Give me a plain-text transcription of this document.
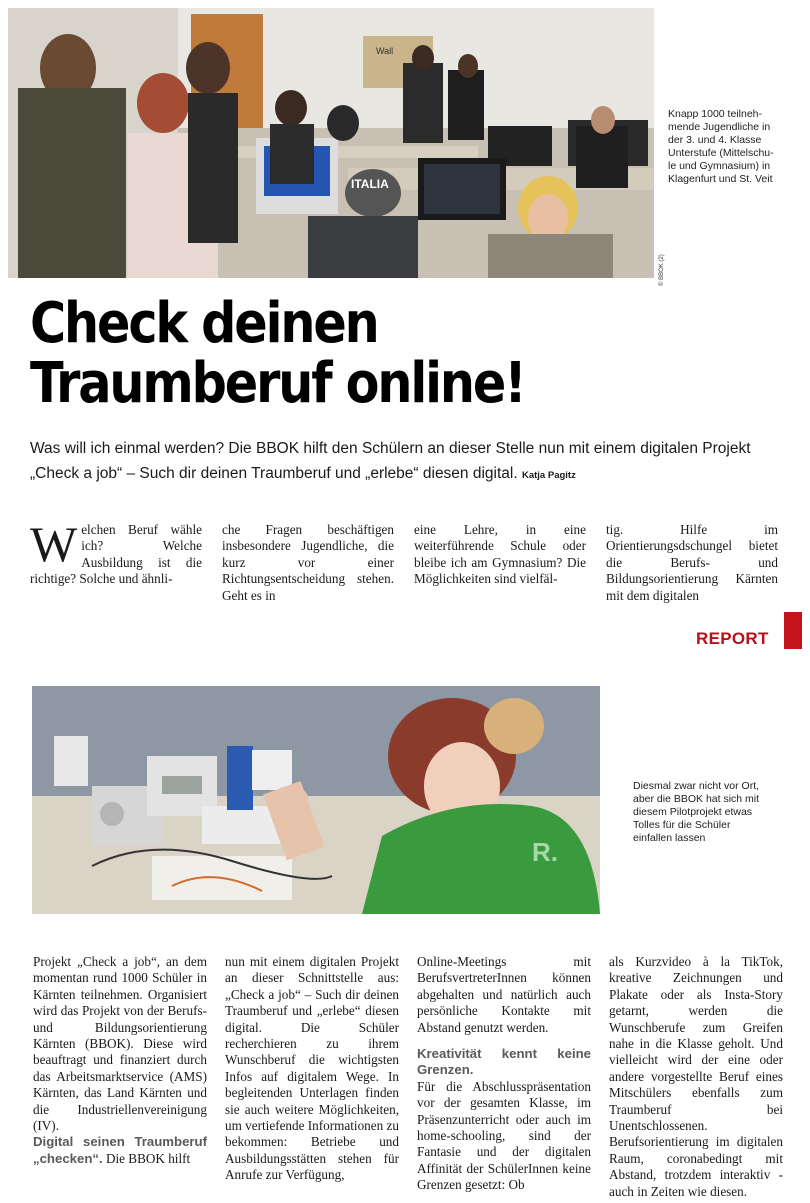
Wall
ITALIA
© BBOK (2)
Knapp 1000 teilneh-
mende Jugendliche in
der 3. und 4. Klasse
Unterstufe (Mittelschu-
le und Gymnasium) in
Klagenfurt und St. Veit
Check deinen
Traumberuf online!

Was will ich einmal werden? Die BBOK hilft den Schülern an dieser Stelle nun mit einem digitalen Projekt „Check a job“ – Such dir deinen Traumberuf und „erlebe“ diesen digital. Katja Pagitz

Welchen Beruf wähle ich? Welche Ausbildung ist die richtige? Solche und ähnli-
che Fragen beschäftigen insbesondere Jugendliche, die kurz vor einer Richtungsentscheidung stehen. Geht es in
eine Lehre, in eine weiterführende Schule oder bleibe ich am Gymnasium? Die Möglichkeiten sind vielfäl-
tig. Hilfe im Orientierungsdschungel bietet die Berufs- und Bildungsorientierung Kärnten mit dem digitalen
REPORT
R.
Diesmal zwar nicht vor Ort,
aber die BBOK hat sich mit
diesem Pilotprojekt etwas
Tolles für die Schüler
einfallen lassen
Projekt „Check a job“, an dem momentan rund 1000 Schüler in Kärnten teilnehmen. Organisiert wird das Projekt von der Berufs- und Bildungsorientierung Kärnten (BBOK). Diese wird beauftragt und finanziert durch das Arbeitsmarktservice (AMS) Kärnten, das Land Kärnten und die Industriellenvereinigung (IV).
Digital seinen Traumberuf „checken“. Die BBOK hilft
nun mit einem digitalen Projekt an dieser Schnittstelle aus: „Check a job“ – Such dir deinen Traumberuf und „erlebe“ diesen digital. Die Schüler recherchieren zu ihrem Wunschberuf die wichtigsten Infos auf digitalem Wege. In begleitenden Unterlagen finden sie auch weitere Möglichkeiten, um vertiefende Informationen zu bekommen: Betriebe und Ausbildungsstätten stehen für Anrufe zur Verfügung,
Online-Meetings mit BerufsvertreterInnen können abgehalten und natürlich auch persönliche Kontakte mit Abstand genutzt werden.
Kreativität kennt keine Grenzen. Für die Abschlusspräsentation vor der gesamten Klasse, im Präsenzunterricht oder auch im home-schooling, sind der Fantasie und der digitalen Affinität der SchülerInnen keine Grenzen gesetzt: Ob
als Kurzvideo à la TikTok, kreative Zeichnungen und Plakate oder als Insta-Story getarnt, werden die Wunschberufe zum Greifen nahe in die Klasse geholt. Und vielleicht wird der eine oder andere vorgestellte Beruf eines Mitschülers ebenfalls zum Traumberuf bei Unentschlossenen. Berufsorientierung im digitalen Raum, coronabedingt mit Abstand, trotzdem interaktiv - auch in Zeiten wie diesen.
